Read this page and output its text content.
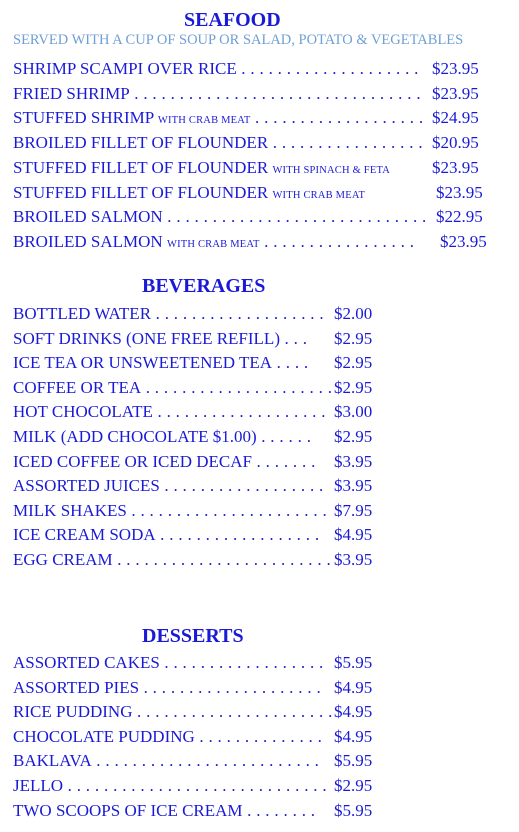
SEAFOOD
SERVED WITH A CUP OF SOUP OR SALAD, POTATO & VEGETABLES
SHRIMP SCAMPI OVER RICE . . . . . . . . . . . . . . . . . . . . $23.95
FRIED SHRIMP . . . . . . . . . . . . . . . . . . . . . . . . . . . . . . . . $23.95
STUFFED SHRIMP WITH CRAB MEAT . . . . . . . . . . . . . . . . . . . $24.95
BROILED FILLET OF FLOUNDER . . . . . . . . . . . . . . . . . $20.95
STUFFED FILLET OF FLOUNDER WITH SPINACH & FETA $23.95
STUFFED FILLET OF FLOUNDER WITH CRAB MEAT	$23.95
BROILED SALMON . . . . . . . . . . . . . . . . . . . . . . . . . . . . . $22.95
BROILED SALMON WITH CRAB MEAT . . . . . . . . . . . . . . . . . $23.95
BEVERAGES
BOTTLED WATER . . . . . . . . . . . . . . . . . . . $2.00
SOFT DRINKS (ONE FREE REFILL) . . . $2.95
ICE TEA OR UNSWEETENED TEA . . . . $2.95
COFFEE OR TEA . . . . . . . . . . . . . . . . . . . . . $2.95
HOT CHOCOLATE . . . . . . . . . . . . . . . . . . . $3.00
MILK (ADD CHOCOLATE $1.00) . . . . . . $2.95
ICED COFFEE OR ICED DECAF . . . . . . . $3.95
ASSORTED JUICES . . . . . . . . . . . . . . . . . . $3.95
MILK SHAKES . . . . . . . . . . . . . . . . . . . . . . $7.95
ICE CREAM SODA . . . . . . . . . . . . . . . . . . $4.95
EGG CREAM . . . . . . . . . . . . . . . . . . . . . . . . $3.95
DESSERTS
ASSORTED CAKES . . . . . . . . . . . . . . . . . . $5.95
ASSORTED PIES . . . . . . . . . . . . . . . . . . . . $4.95
RICE PUDDING . . . . . . . . . . . . . . . . . . . . . . $4.95
CHOCOLATE PUDDING . . . . . . . . . . . . . . $4.95
BAKLAVA . . . . . . . . . . . . . . . . . . . . . . . . . $5.95
JELLO . . . . . . . . . . . . . . . . . . . . . . . . . . . . . $2.95
TWO SCOOPS OF ICE CREAM . . . . . . . . $5.95
